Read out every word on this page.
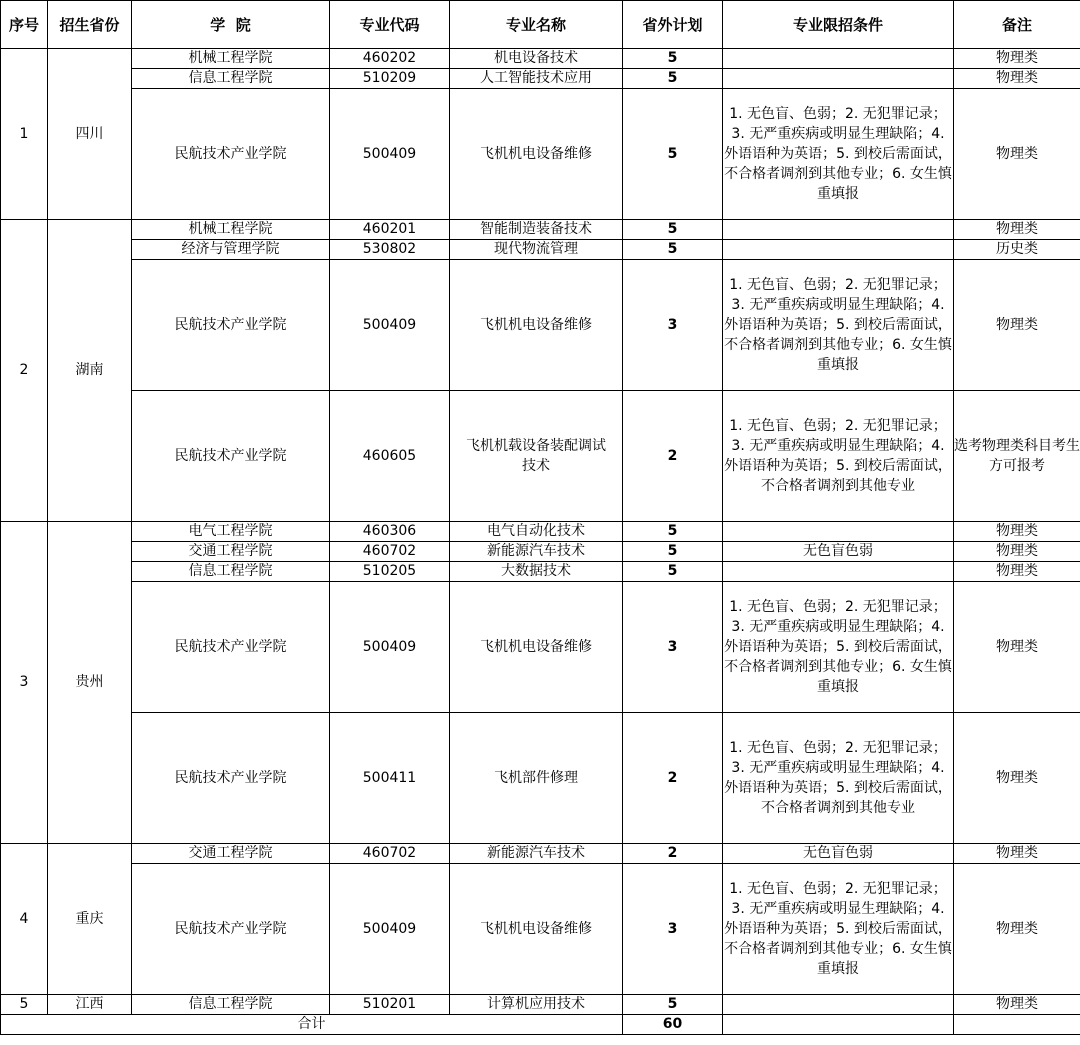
序号	招生省份	学  院	专业代码	专业名称	省外计划	专业限招条件	备注
1	四川	机械工程学院	460202	机电设备技术	5		物理类
		信息工程学院	510209	人工智能技术应用	5		物理类
		民航技术产业学院	500409	飞机机电设备维修	5	1. 无色盲、色弱；2. 无犯罪记录；3. 无严重疾病或明显生理缺陷；4. 外语语种为英语；5. 到校后需面试，不合格者调剂到其他专业；6. 女生慎重填报	物理类
2	湖南	机械工程学院	460201	智能制造装备技术	5		物理类
		经济与管理学院	530802	现代物流管理	5		历史类
		民航技术产业学院	500409	飞机机电设备维修	3	1. 无色盲、色弱；2. 无犯罪记录；3. 无严重疾病或明显生理缺陷；4. 外语语种为英语；5. 到校后需面试，不合格者调剂到其他专业；6. 女生慎重填报	物理类
		民航技术产业学院	460605	飞机机载设备装配调试技术	2	1. 无色盲、色弱；2. 无犯罪记录；3. 无严重疾病或明显生理缺陷；4. 外语语种为英语；5. 到校后需面试，不合格者调剂到其他专业	选考物理类科目考生方可报考
3	贵州	电气工程学院	460306	电气自动化技术	5		物理类
		交通工程学院	460702	新能源汽车技术	5	无色盲色弱	物理类
		信息工程学院	510205	大数据技术	5		物理类
		民航技术产业学院	500409	飞机机电设备维修	3	1. 无色盲、色弱；2. 无犯罪记录；3. 无严重疾病或明显生理缺陷；4. 外语语种为英语；5. 到校后需面试，不合格者调剂到其他专业；6. 女生慎重填报	物理类
		民航技术产业学院	500411	飞机部件修理	2	1. 无色盲、色弱；2. 无犯罪记录；3. 无严重疾病或明显生理缺陷；4. 外语语种为英语；5. 到校后需面试，不合格者调剂到其他专业	物理类
4	重庆	交通工程学院	460702	新能源汽车技术	2	无色盲色弱	物理类
		民航技术产业学院	500409	飞机机电设备维修	3	1. 无色盲、色弱；2. 无犯罪记录；3. 无严重疾病或明显生理缺陷；4. 外语语种为英语；5. 到校后需面试，不合格者调剂到其他专业；6. 女生慎重填报	物理类
5	江西	信息工程学院	510201	计算机应用技术	5		物理类
合计					60		
